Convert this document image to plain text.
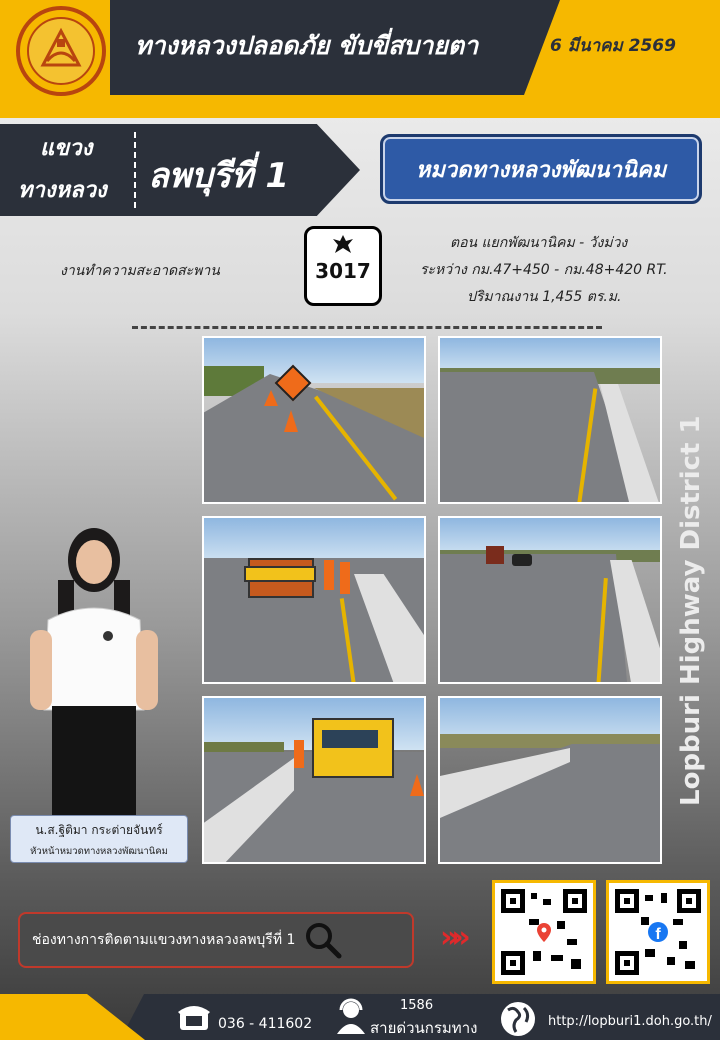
ทางหลวงปลอดภัย ขับขี่สบายตา	6 มีนาคม 2569
แขวง
ทางหลวง ลพบุรีที่ 1	หมวดทางหลวงพัฒนานิคม
งานทำความสะอาดสะพาน	3017
ตอน แยกพัฒนานิคม - วังม่วง
ระหว่าง กม.47+450 - กม.48+420 RT.
ปริมาณงาน 1,455 ตร.ม.
น.ส.ฐิติมา กระต่ายจันทร์
หัวหน้าหมวดทางหลวงพัฒนานิคม
Lopburi Highway District 1
ช่องทางการติดตามแขวงทางหลวงลพบุรีที่ 1	»»	f
036 - 411602
1586
สายด่วนกรมทาง	http://lopburi1.doh.go.th/
